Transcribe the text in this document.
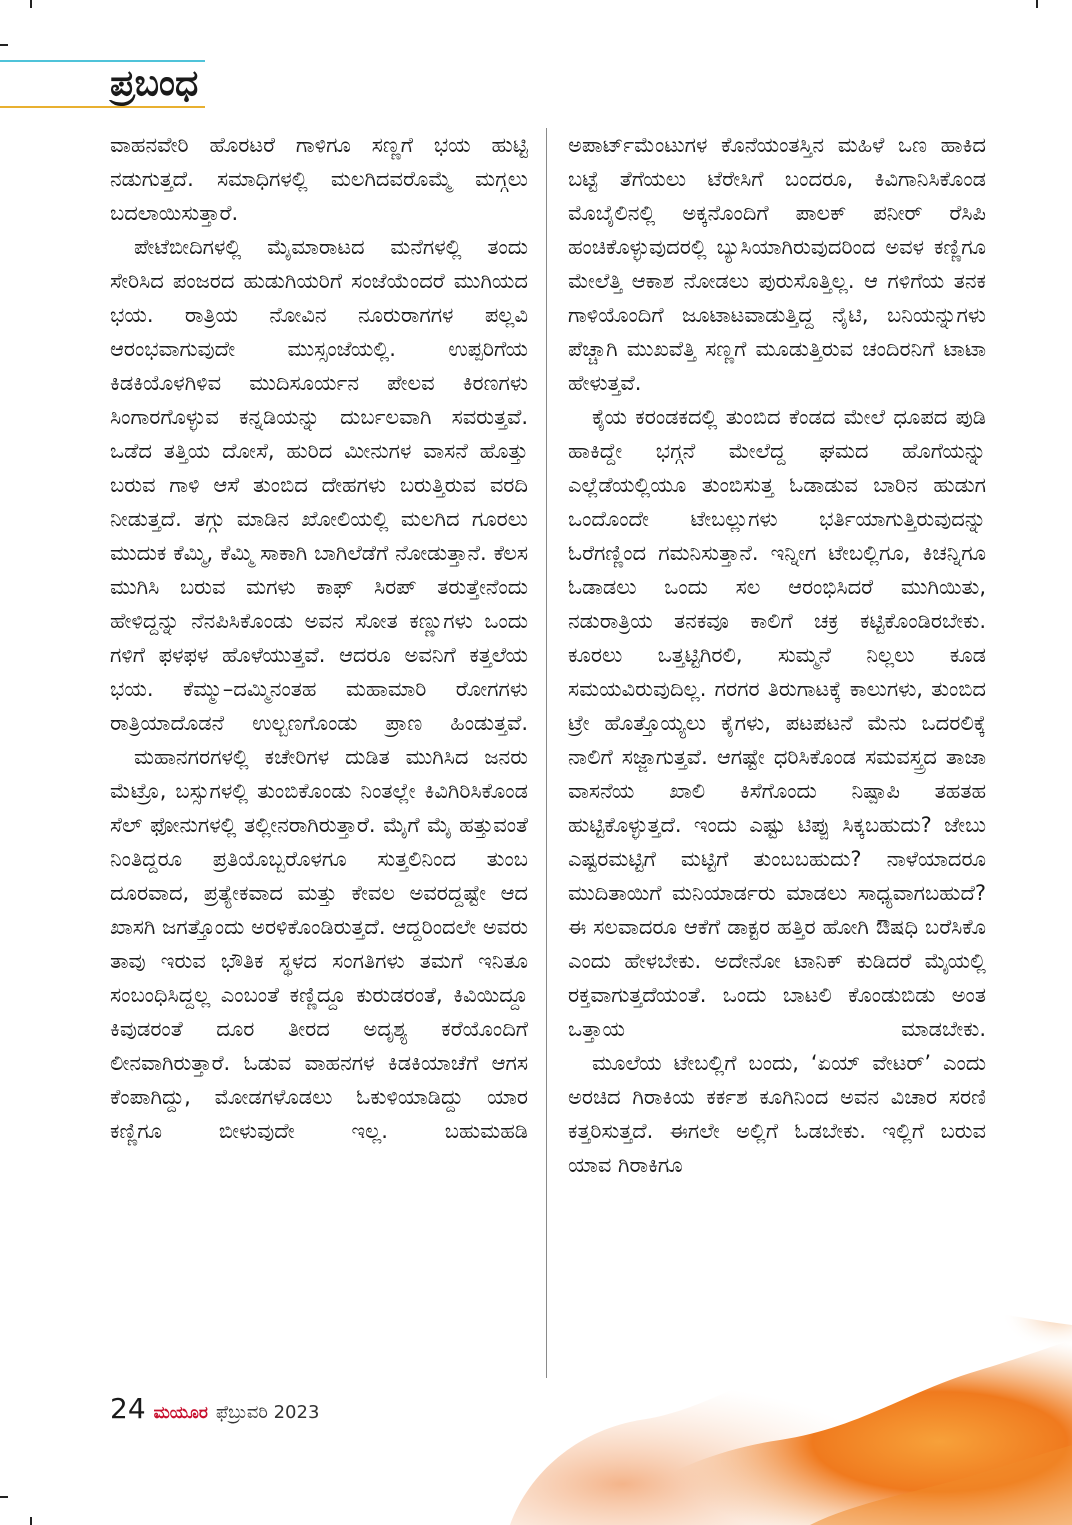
ಪ್ರಬಂಧ

ವಾಹನವೇರಿ ಹೊರಟರೆ ಗಾಳಿಗೂ ಸಣ್ಣಗೆ ಭಯ ಹುಟ್ಟಿ ನಡುಗುತ್ತದೆ. ಸಮಾಧಿಗಳಲ್ಲಿ ಮಲಗಿದವರೊಮ್ಮೆ ಮಗ್ಗಲು ಬದಲಾಯಿಸುತ್ತಾರೆ.

ಪೇಟೆಬೀದಿಗಳಲ್ಲಿ ಮೈಮಾರಾಟದ ಮನೆಗಳಲ್ಲಿ ತಂದು ಸೇರಿಸಿದ ಪಂಜರದ ಹುಡುಗಿಯರಿಗೆ ಸಂಜೆಯೆಂದರೆ ಮುಗಿಯದ ಭಯ. ರಾತ್ರಿಯ ನೋವಿನ ನೂರುರಾಗಗಳ ಪಲ್ಲವಿ ಆರಂಭವಾಗುವುದೇ ಮುಸ್ಸಂಜೆಯಲ್ಲಿ. ಉಪ್ಪರಿಗೆಯ ಕಿಡಕಿಯೊಳಗಿಳಿವ ಮುದಿಸೂರ್ಯನ ಪೇಲವ ಕಿರಣಗಳು ಸಿಂಗಾರಗೊಳ್ಳುವ ಕನ್ನಡಿಯನ್ನು ದುರ್ಬಲವಾಗಿ ಸವರುತ್ತವೆ. ಒಡೆದ ತತ್ತಿಯ ದೋಸೆ, ಹುರಿದ ಮೀನುಗಳ ವಾಸನೆ ಹೊತ್ತು ಬರುವ ಗಾಳಿ ಆಸೆ ತುಂಬಿದ ದೇಹಗಳು ಬರುತ್ತಿರುವ ವರದಿ ನೀಡುತ್ತದೆ. ತಗ್ಗು ಮಾಡಿನ ಖೋಲಿಯಲ್ಲಿ ಮಲಗಿದ ಗೂರಲು ಮುದುಕ ಕೆಮ್ಮಿ, ಕೆಮ್ಮಿ ಸಾಕಾಗಿ ಬಾಗಿಲೆಡೆಗೆ ನೋಡುತ್ತಾನೆ. ಕೆಲಸ ಮುಗಿಸಿ ಬರುವ ಮಗಳು ಕಾಫ್ ಸಿರಪ್ ತರುತ್ತೇನೆಂದು ಹೇಳಿದ್ದನ್ನು ನೆನಪಿಸಿಕೊಂಡು ಅವನ ಸೋತ ಕಣ್ಣುಗಳು ಒಂದು ಗಳಿಗೆ ಫಳಫಳ ಹೊಳೆಯುತ್ತವೆ. ಆದರೂ ಅವನಿಗೆ ಕತ್ತಲೆಯ ಭಯ. ಕೆಮ್ಮು–ದಮ್ಮಿನಂತಹ ಮಹಾಮಾರಿ ರೋಗಗಳು ರಾತ್ರಿಯಾದೊಡನೆ ಉಲ್ಬಣಗೊಂಡು ಪ್ರಾಣ ಹಿಂಡುತ್ತವೆ.

ಮಹಾನಗರಗಳಲ್ಲಿ ಕಚೇರಿಗಳ ದುಡಿತ ಮುಗಿಸಿದ ಜನರು ಮೆಟ್ರೊ, ಬಸ್ಸುಗಳಲ್ಲಿ ತುಂಬಿಕೊಂಡು ನಿಂತಲ್ಲೇ ಕಿವಿಗಿರಿಸಿಕೊಂಡ ಸೆಲ್ ಫೋನುಗಳಲ್ಲಿ ತಲ್ಲೀನರಾಗಿರುತ್ತಾರೆ. ಮೈಗೆ ಮೈ ಹತ್ತುವಂತೆ ನಿಂತಿದ್ದರೂ ಪ್ರತಿಯೊಬ್ಬರೊಳಗೂ ಸುತ್ತಲಿನಿಂದ ತುಂಬ ದೂರವಾದ, ಪ್ರತ್ಯೇಕವಾದ ಮತ್ತು ಕೇವಲ ಅವರದ್ದಷ್ಟೇ ಆದ ಖಾಸಗಿ ಜಗತ್ತೊಂದು ಅರಳಿಕೊಂಡಿರುತ್ತದೆ. ಆದ್ದರಿಂದಲೇ ಅವರು ತಾವು ಇರುವ ಭೌತಿಕ ಸ್ಥಳದ ಸಂಗತಿಗಳು ತಮಗೆ ಇನಿತೂ ಸಂಬಂಧಿಸಿದ್ದಲ್ಲ ಎಂಬಂತೆ ಕಣ್ಣಿದ್ದೂ ಕುರುಡರಂತೆ, ಕಿವಿಯಿದ್ದೂ ಕಿವುಡರಂತೆ ದೂರ ತೀರದ ಅದೃಶ್ಯ ಕರೆಯೊಂದಿಗೆ ಲೀನವಾಗಿರುತ್ತಾರೆ. ಓಡುವ ವಾಹನಗಳ ಕಿಡಕಿಯಾಚೆಗೆ ಆಗಸ ಕೆಂಪಾಗಿದ್ದು, ಮೋಡಗಳೊಡಲು ಓಕುಳಿಯಾಡಿದ್ದು ಯಾರ ಕಣ್ಣಿಗೂ ಬೀಳುವುದೇ ಇಲ್ಲ. ಬಹುಮಹಡಿ

ಅಪಾರ್ಟ್‌ಮೆಂಟುಗಳ ಕೊನೆಯಂತಸ್ತಿನ ಮಹಿಳೆ ಒಣ ಹಾಕಿದ ಬಟ್ಟೆ ತೆಗೆಯಲು ಟೆರೇಸಿಗೆ ಬಂದರೂ, ಕಿವಿಗಾನಿಸಿಕೊಂಡ ಮೊಬೈಲಿನಲ್ಲಿ ಅಕ್ಕನೊಂದಿಗೆ ಪಾಲಕ್ ಪನೀರ್ ರೆಸಿಪಿ ಹಂಚಿಕೊಳ್ಳುವುದರಲ್ಲಿ ಬ್ಯುಸಿಯಾಗಿರುವುದರಿಂದ ಅವಳ ಕಣ್ಣಿಗೂ ಮೇಲೆತ್ತಿ ಆಕಾಶ ನೋಡಲು ಪುರುಸೊತ್ತಿಲ್ಲ. ಆ ಗಳಿಗೆಯ ತನಕ ಗಾಳಿಯೊಂದಿಗೆ ಜೂಟಾಟವಾಡುತ್ತಿದ್ದ ನೈಟಿ, ಬನಿಯನ್ನುಗಳು ಪೆಚ್ಚಾಗಿ ಮುಖವೆತ್ತಿ ಸಣ್ಣಗೆ ಮೂಡುತ್ತಿರುವ ಚಂದಿರನಿಗೆ ಟಾಟಾ ಹೇಳುತ್ತವೆ.

ಕೈಯ ಕರಂಡಕದಲ್ಲಿ ತುಂಬಿದ ಕೆಂಡದ ಮೇಲೆ ಧೂಪದ ಪುಡಿ ಹಾಕಿದ್ದೇ ಭಗ್ಗನೆ ಮೇಲೆದ್ದ ಘಮದ ಹೊಗೆಯನ್ನು ಎಲ್ಲೆಡೆಯಲ್ಲಿಯೂ ತುಂಬಿಸುತ್ತ ಓಡಾಡುವ ಬಾರಿನ ಹುಡುಗ ಒಂದೊಂದೇ ಟೇಬಲ್ಲುಗಳು ಭರ್ತಿಯಾಗುತ್ತಿರುವುದನ್ನು ಓರೆಗಣ್ಣಿಂದ ಗಮನಿಸುತ್ತಾನೆ. ಇನ್ನೀಗ ಟೇಬಲ್ಲಿಗೂ, ಕಿಚನ್ನಿಗೂ ಓಡಾಡಲು ಒಂದು ಸಲ ಆರಂಭಿಸಿದರೆ ಮುಗಿಯಿತು, ನಡುರಾತ್ರಿಯ ತನಕವೂ ಕಾಲಿಗೆ ಚಕ್ರ ಕಟ್ಟಿಕೊಂಡಿರಬೇಕು. ಕೂರಲು ಒತ್ತಟ್ಟಿಗಿರಲಿ, ಸುಮ್ಮನೆ ನಿಲ್ಲಲು ಕೂಡ ಸಮಯವಿರುವುದಿಲ್ಲ. ಗರಗರ ತಿರುಗಾಟಕ್ಕೆ ಕಾಲುಗಳು, ತುಂಬಿದ ಟ್ರೇ ಹೊತ್ತೊಯ್ಯಲು ಕೈಗಳು, ಪಟಪಟನೆ ಮೆನು ಒದರಲಿಕ್ಕೆ ನಾಲಿಗೆ ಸಜ್ಜಾಗುತ್ತವೆ. ಆಗಷ್ಟೇ ಧರಿಸಿಕೊಂಡ ಸಮವಸ್ತ್ರದ ತಾಜಾ ವಾಸನೆಯ ಖಾಲಿ ಕಿಸೆಗೊಂದು ನಿಷ್ಪಾಪಿ ತಹತಹ ಹುಟ್ಟಿಕೊಳ್ಳುತ್ತದೆ. ಇಂದು ಎಷ್ಟು ಟಿಪ್ಪು ಸಿಕ್ಕಬಹುದು? ಜೇಬು ಎಷ್ಟರಮಟ್ಟಿಗೆ ಮಟ್ಟಿಗೆ ತುಂಬಬಹುದು? ನಾಳೆಯಾದರೂ ಮುದಿತಾಯಿಗೆ ಮನಿಯಾರ್ಡರು ಮಾಡಲು ಸಾಧ್ಯವಾಗಬಹುದೆ? ಈ ಸಲವಾದರೂ ಆಕೆಗೆ ಡಾಕ್ಟರ ಹತ್ತಿರ ಹೋಗಿ ಔಷಧಿ ಬರೆಸಿಕೊ ಎಂದು ಹೇಳಬೇಕು. ಅದೇನೋ ಟಾನಿಕ್ ಕುಡಿದರೆ ಮೈಯಲ್ಲಿ ರಕ್ತವಾಗುತ್ತದೆಯಂತೆ. ಒಂದು ಬಾಟಲಿ ಕೊಂಡುಬಿಡು ಅಂತ ಒತ್ತಾಯ ಮಾಡಬೇಕು.

ಮೂಲೆಯ ಟೇಬಲ್ಲಿಗೆ ಬಂದು, ‘ಏಯ್ ವೇಟರ್’ ಎಂದು ಅರಚಿದ ಗಿರಾಕಿಯ ಕರ್ಕಶ ಕೂಗಿನಿಂದ ಅವನ ವಿಚಾರ ಸರಣಿ ಕತ್ತರಿಸುತ್ತದೆ. ಈಗಲೇ ಅಲ್ಲಿಗೆ ಓಡಬೇಕು. ಇಲ್ಲಿಗೆ ಬರುವ

ಯಾವ ಗಿರಾಕಿಗೂ

24 ಮಯೂರ ಫೆಬ್ರುವರಿ 2023
